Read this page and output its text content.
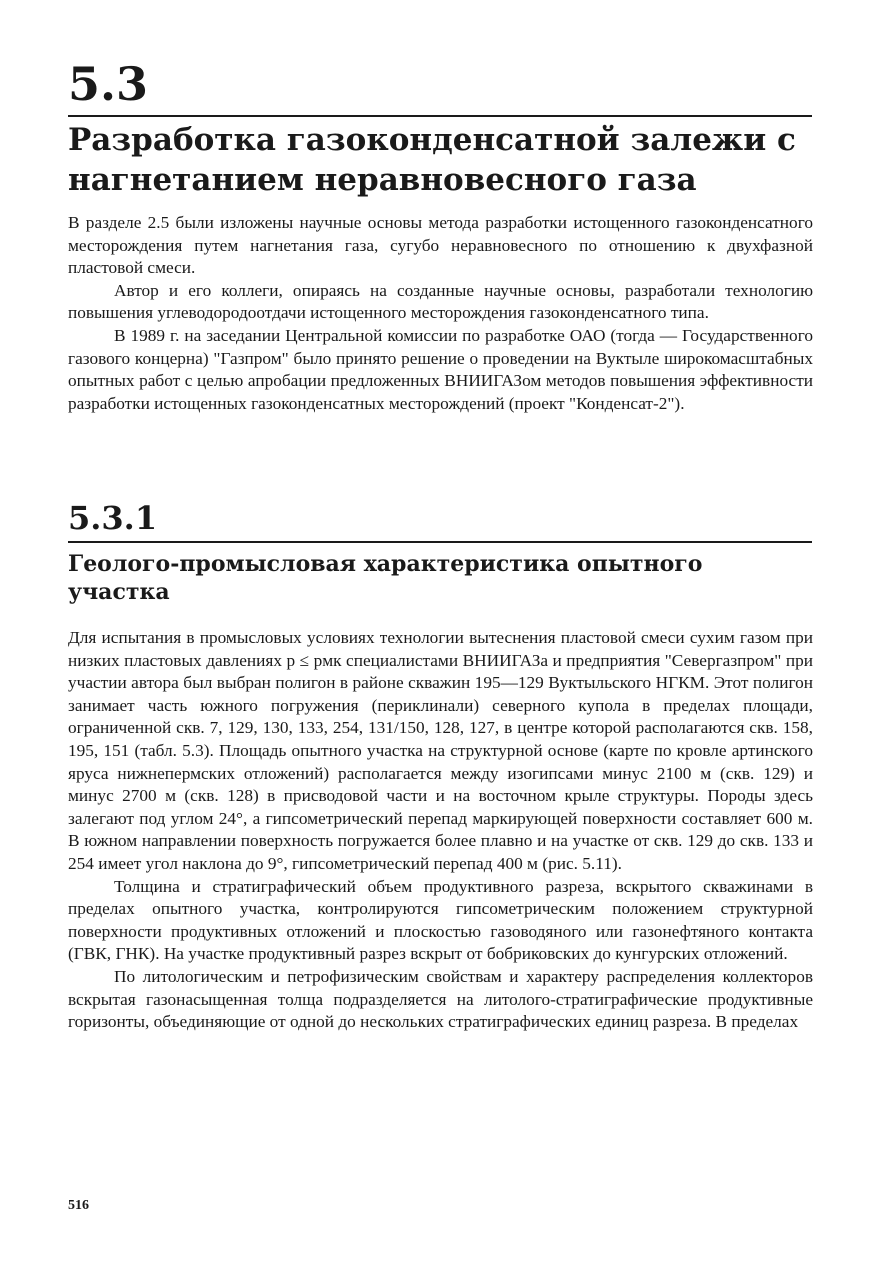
5.3
Разработка газоконденсатной залежи с нагнетанием неравновесного газа

В разделе 2.5 были изложены научные основы метода разработки истощенного газоконденсатного месторождения путем нагнетания газа, сугубо неравновесного по отношению к двухфазной пластовой смеси.

Автор и его коллеги, опираясь на созданные научные основы, разработали технологию повышения углеводородоотдачи истощенного месторождения газоконденсатного типа.

В 1989 г. на заседании Центральной комиссии по разработке ОАО (тогда — Государственного газового концерна) "Газпром" было принято решение о проведении на Вуктыле широкомасштабных опытных работ с целью апробации предложенных ВНИИГАЗом методов повышения эффективности разработки истощенных газоконденсатных месторождений (проект "Конденсат-2").

5.3.1
Геолого-промысловая характеристика опытного участка

Для испытания в промысловых условиях технологии вытеснения пластовой смеси сухим газом при низких пластовых давлениях p ≤ pмк специалистами ВНИИГАЗа и предприятия "Севергазпром" при участии автора был выбран полигон в районе скважин 195—129 Вуктыльского НГКМ. Этот полигон занимает часть южного погружения (периклинали) северного купола в пределах площади, ограниченной скв. 7, 129, 130, 133, 254, 131/150, 128, 127, в центре которой располагаются скв. 158, 195, 151 (табл. 5.3). Площадь опытного участка на структурной основе (карте по кровле артинского яруса нижнепермских отложений) располагается между изогипсами минус 2100 м (скв. 129) и минус 2700 м (скв. 128) в присводовой части и на восточном крыле структуры. Породы здесь залегают под углом 24°, а гипсометрический перепад маркирующей поверхности составляет 600 м. В южном направлении поверхность погружается более плавно и на участке от скв. 129 до скв. 133 и 254 имеет угол наклона до 9°, гипсометрический перепад 400 м (рис. 5.11).

Толщина и стратиграфический объем продуктивного разреза, вскрытого скважинами в пределах опытного участка, контролируются гипсометрическим положением структурной поверхности продуктивных отложений и плоскостью газоводяного или газонефтяного контакта (ГВК, ГНК). На участке продуктивный разрез вскрыт от бобриковских до кунгурских отложений.

По литологическим и петрофизическим свойствам и характеру распределения коллекторов вскрытая газонасыщенная толща подразделяется на литолого-стратиграфические продуктивные горизонты, объединяющие от одной до нескольких стратиграфических единиц разреза. В пределах

516
